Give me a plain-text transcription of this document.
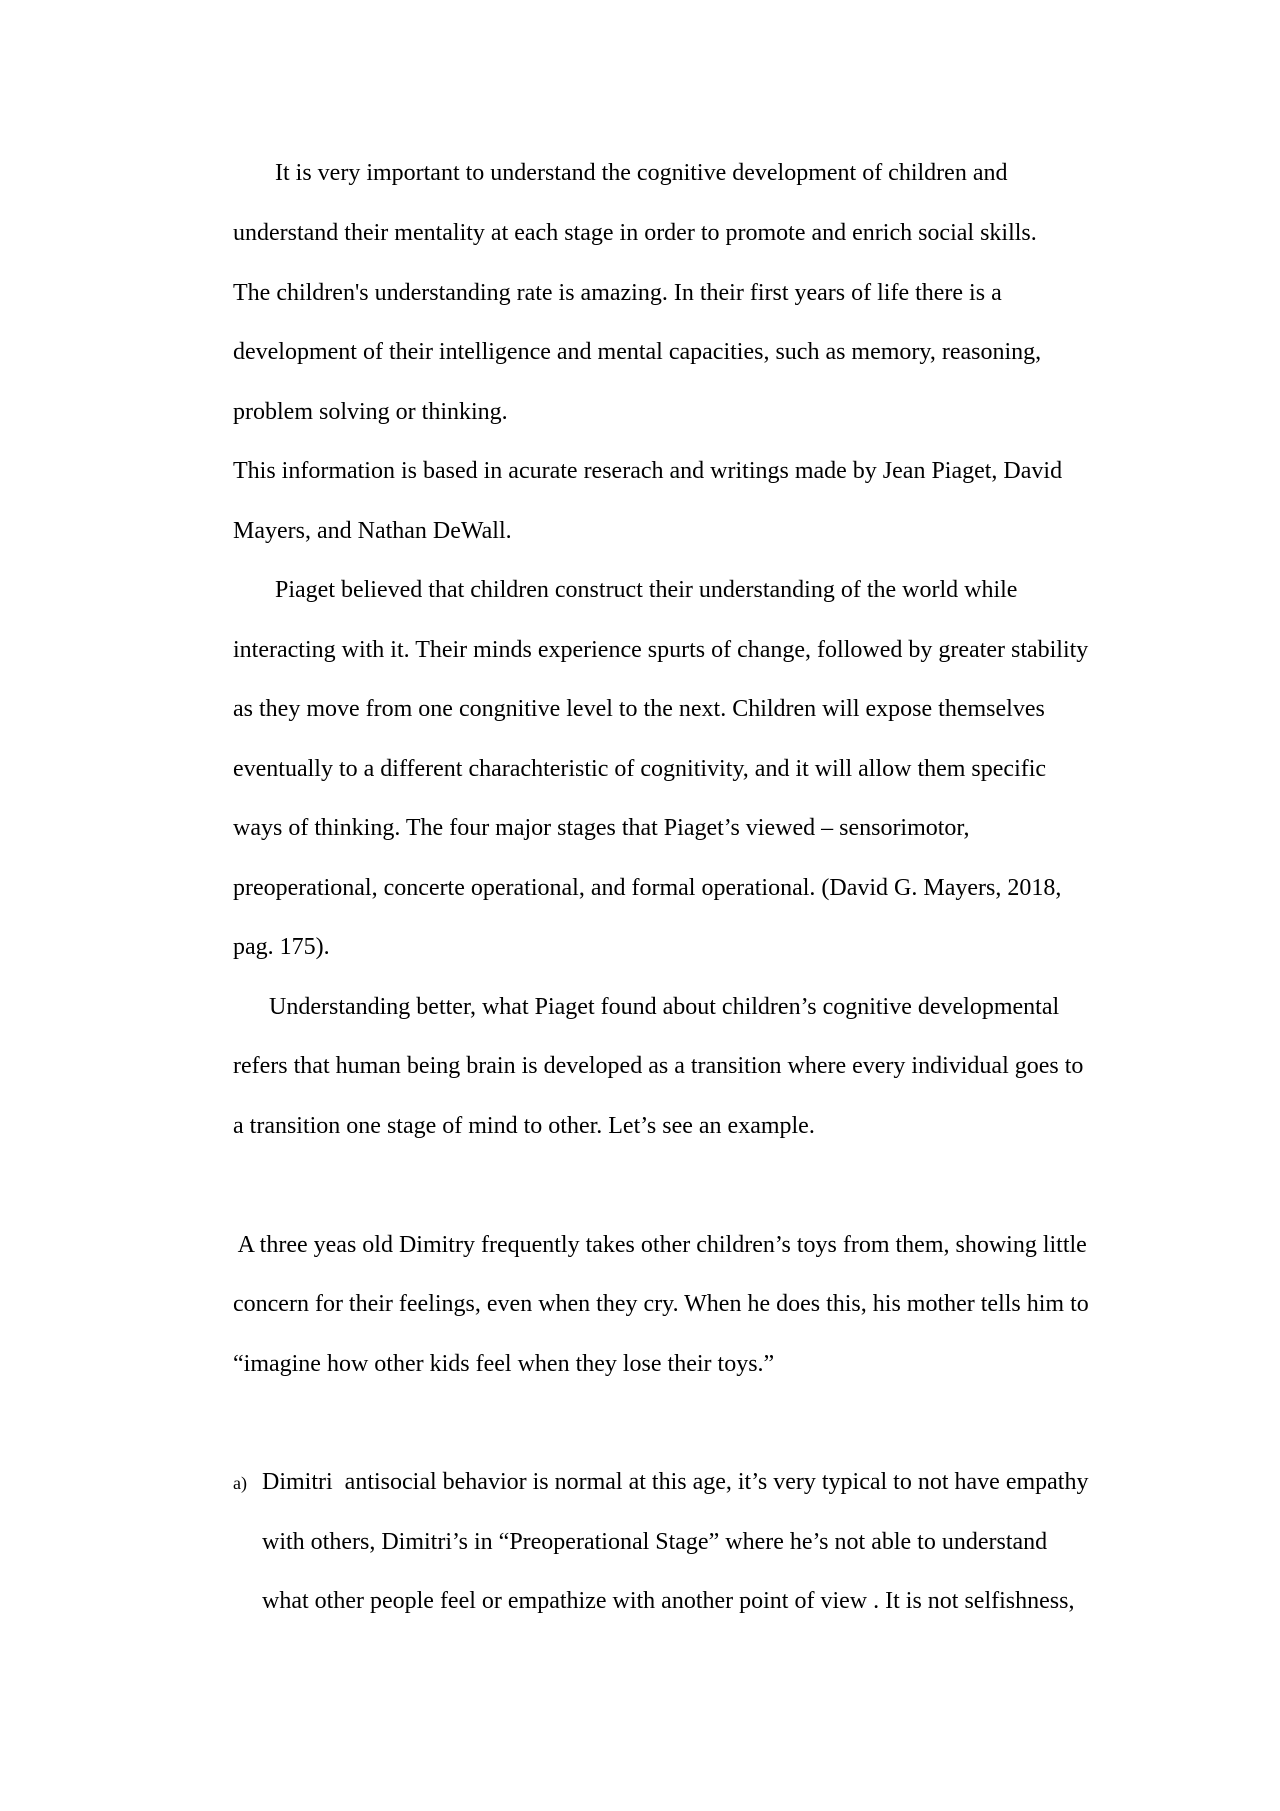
It is very important to understand the cognitive development of children and

understand their mentality at each stage in order to promote and enrich social skills.

The children's understanding rate is amazing. In their first years of life there is a

development of their intelligence and mental capacities, such as memory, reasoning,

problem solving or thinking.

This information is based in acurate reserach and writings made by Jean Piaget, David

Mayers, and Nathan DeWall.

Piaget believed that children construct their understanding of the world while

interacting with it. Their minds experience spurts of change, followed by greater stability

as they move from one congnitive level to the next. Children will expose themselves

eventually to a different charachteristic of cognitivity, and it will allow them specific

ways of thinking. The four major stages that Piaget’s viewed – sensorimotor,

preoperational, concerte operational, and formal operational. (David G. Mayers, 2018,

pag. 175).

Understanding better, what Piaget found about children’s cognitive developmental

refers that human being brain is developed as a transition where every individual goes to

a transition one stage of mind to other. Let’s see an example.

A three yeas old Dimitry frequently takes other children’s toys from them, showing little

concern for their feelings, even when they cry. When he does this, his mother tells him to

“imagine how other kids feel when they lose their toys.”

a) Dimitri  antisocial behavior is normal at this age, it’s very typical to not have empathy
with others, Dimitri’s in “Preoperational Stage” where he’s not able to understand
what other people feel or empathize with another point of view . It is not selfishness,
